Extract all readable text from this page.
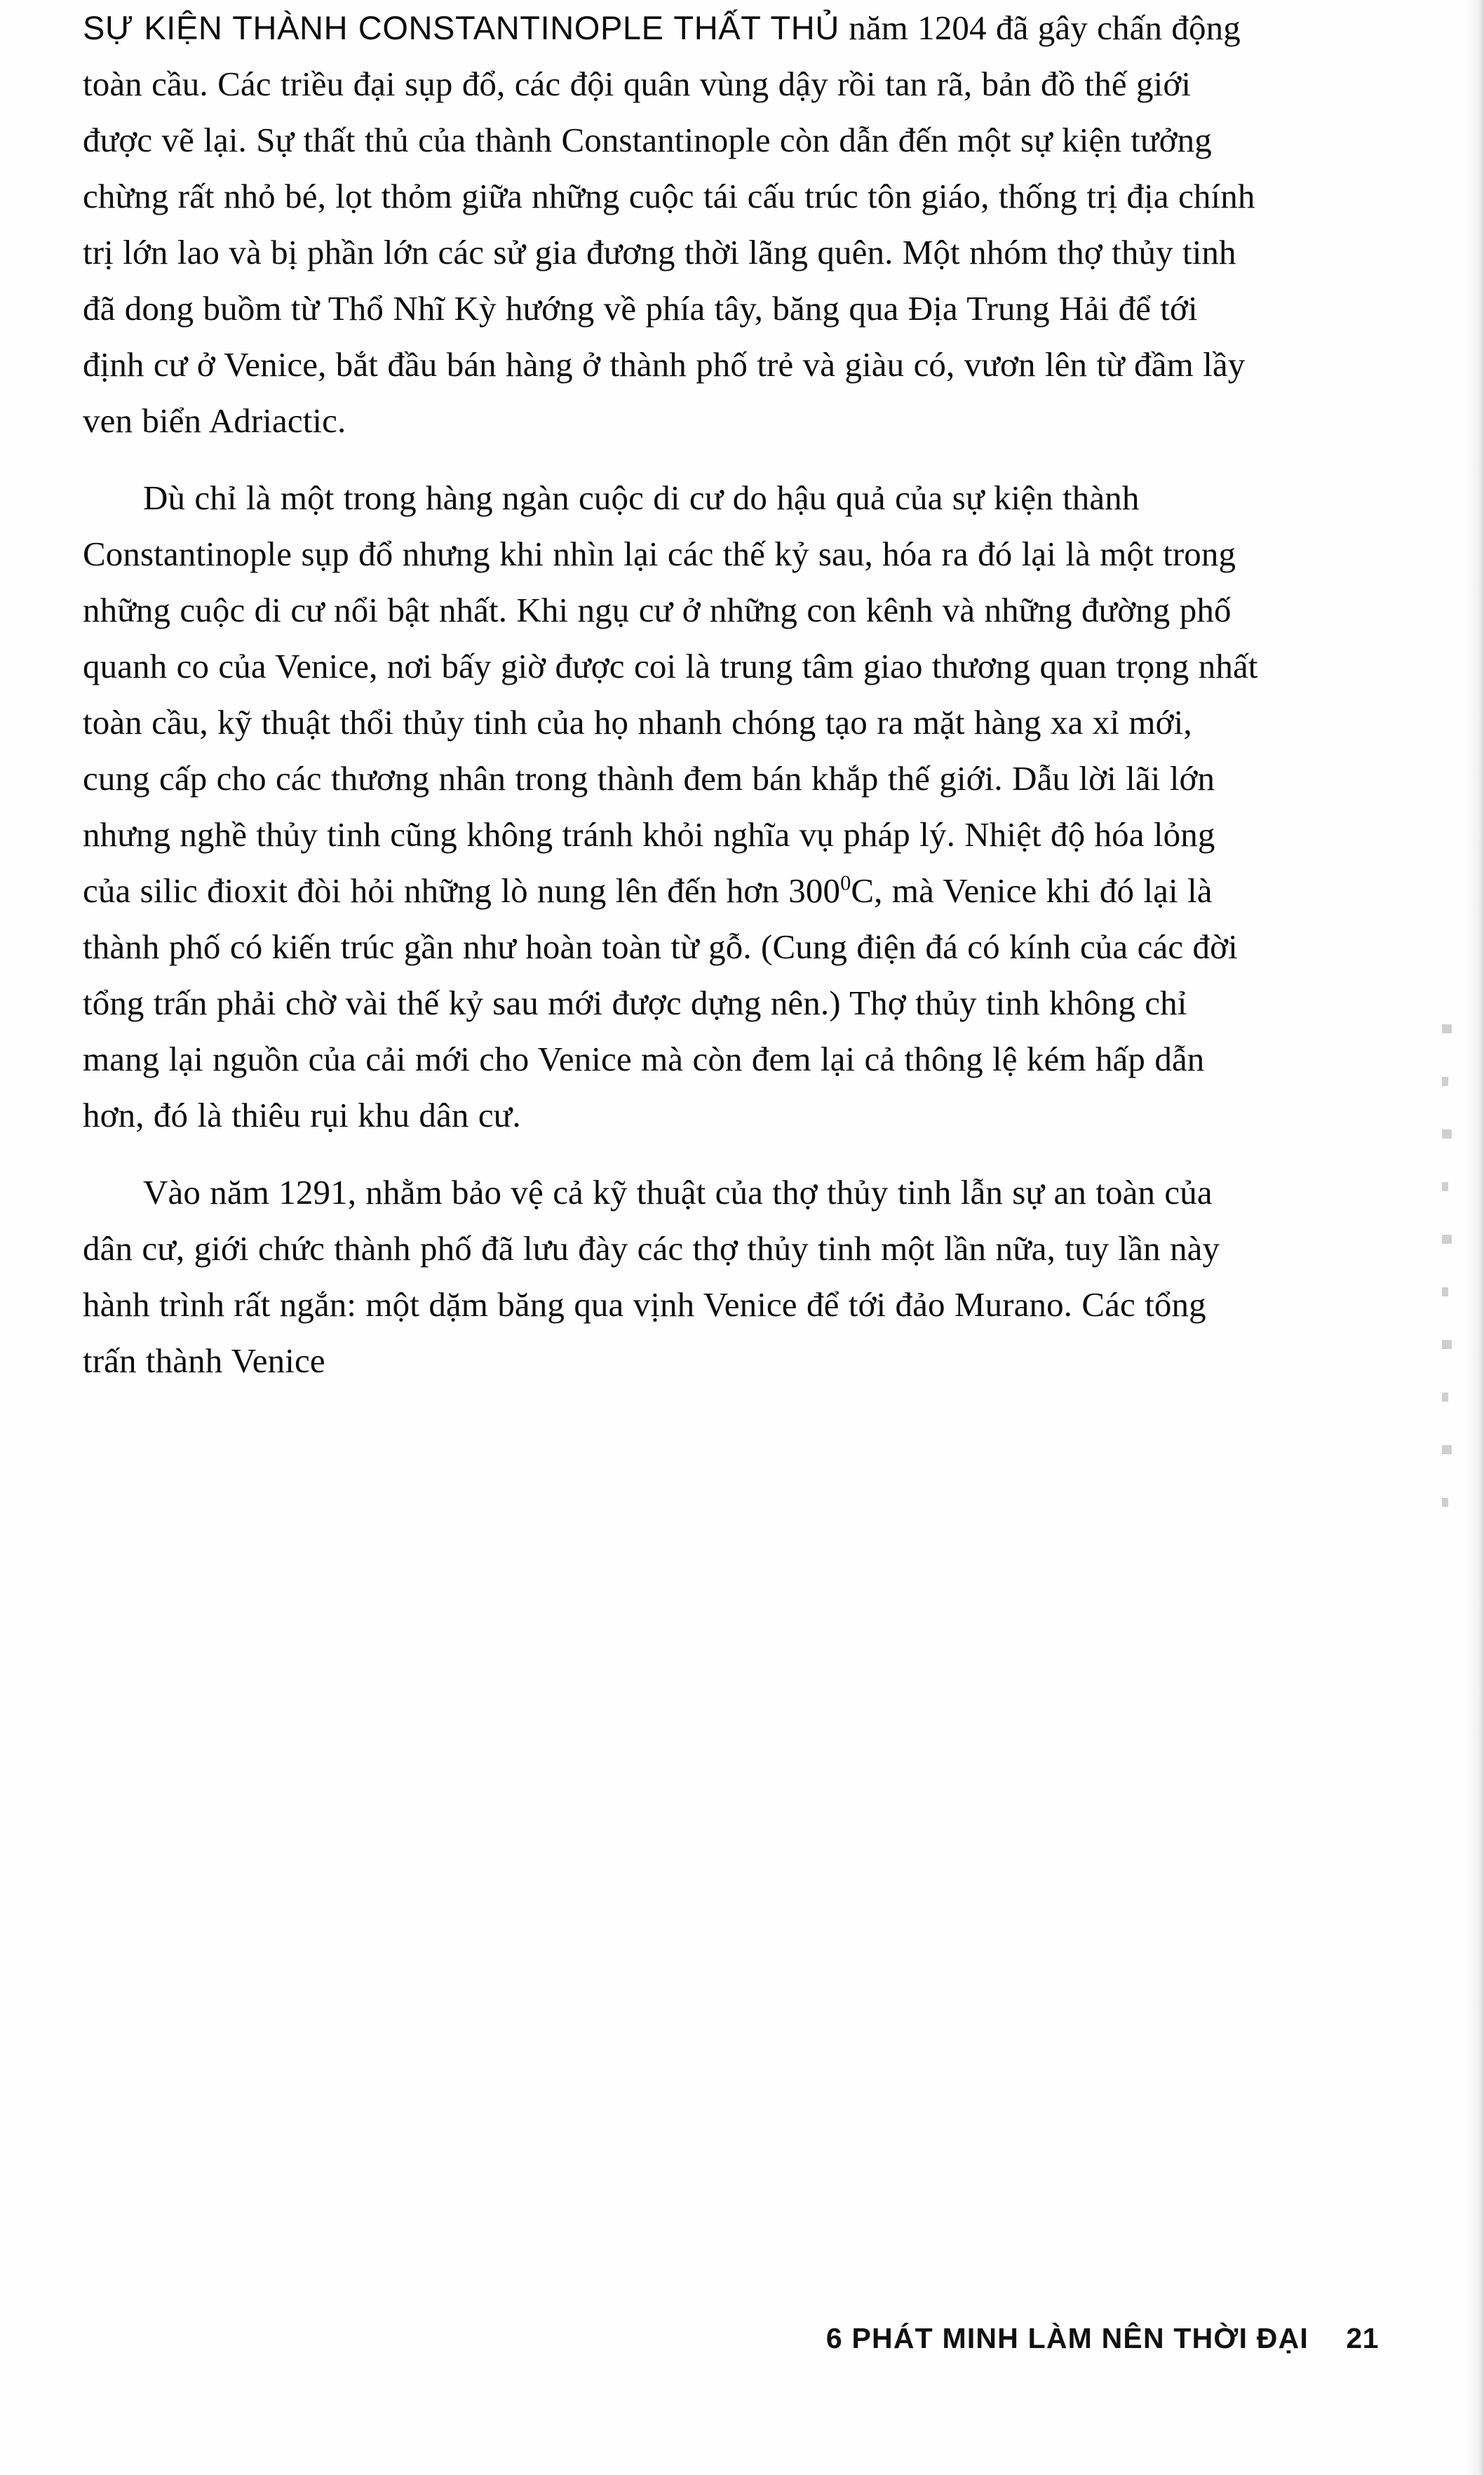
SỰ KIỆN THÀNH CONSTANTINOPLE THẤT THỦ năm 1204 đã gây chấn động toàn cầu. Các triều đại sụp đổ, các đội quân vùng dậy rồi tan rã, bản đồ thế giới được vẽ lại. Sự thất thủ của thành Constantinople còn dẫn đến một sự kiện tưởng chừng rất nhỏ bé, lọt thỏm giữa những cuộc tái cấu trúc tôn giáo, thống trị địa chính trị lớn lao và bị phần lớn các sử gia đương thời lãng quên. Một nhóm thợ thủy tinh đã dong buồm từ Thổ Nhĩ Kỳ hướng về phía tây, băng qua Địa Trung Hải để tới định cư ở Venice, bắt đầu bán hàng ở thành phố trẻ và giàu có, vươn lên từ đầm lầy ven biển Adriactic.

Dù chỉ là một trong hàng ngàn cuộc di cư do hậu quả của sự kiện thành Constantinople sụp đổ nhưng khi nhìn lại các thế kỷ sau, hóa ra đó lại là một trong những cuộc di cư nổi bật nhất. Khi ngụ cư ở những con kênh và những đường phố quanh co của Venice, nơi bấy giờ được coi là trung tâm giao thương quan trọng nhất toàn cầu, kỹ thuật thổi thủy tinh của họ nhanh chóng tạo ra mặt hàng xa xỉ mới, cung cấp cho các thương nhân trong thành đem bán khắp thế giới. Dẫu lời lãi lớn nhưng nghề thủy tinh cũng không tránh khỏi nghĩa vụ pháp lý. Nhiệt độ hóa lỏng của silic đioxit đòi hỏi những lò nung lên đến hơn $300^0C$, mà Venice khi đó lại là thành phố có kiến trúc gần như hoàn toàn từ gỗ. (Cung điện đá có kính của các đời tổng trấn phải chờ vài thế kỷ sau mới được dựng nên.) Thợ thủy tinh không chỉ mang lại nguồn của cải mới cho Venice mà còn đem lại cả thông lệ kém hấp dẫn hơn, đó là thiêu rụi khu dân cư.

Vào năm 1291, nhằm bảo vệ cả kỹ thuật của thợ thủy tinh lẫn sự an toàn của dân cư, giới chức thành phố đã lưu đày các thợ thủy tinh một lần nữa, tuy lần này hành trình rất ngắn: một dặm băng qua vịnh Venice để tới đảo Murano. Các tổng trấn thành Venice

6 PHÁT MINH LÀM NÊN THỜI ĐẠI 21
